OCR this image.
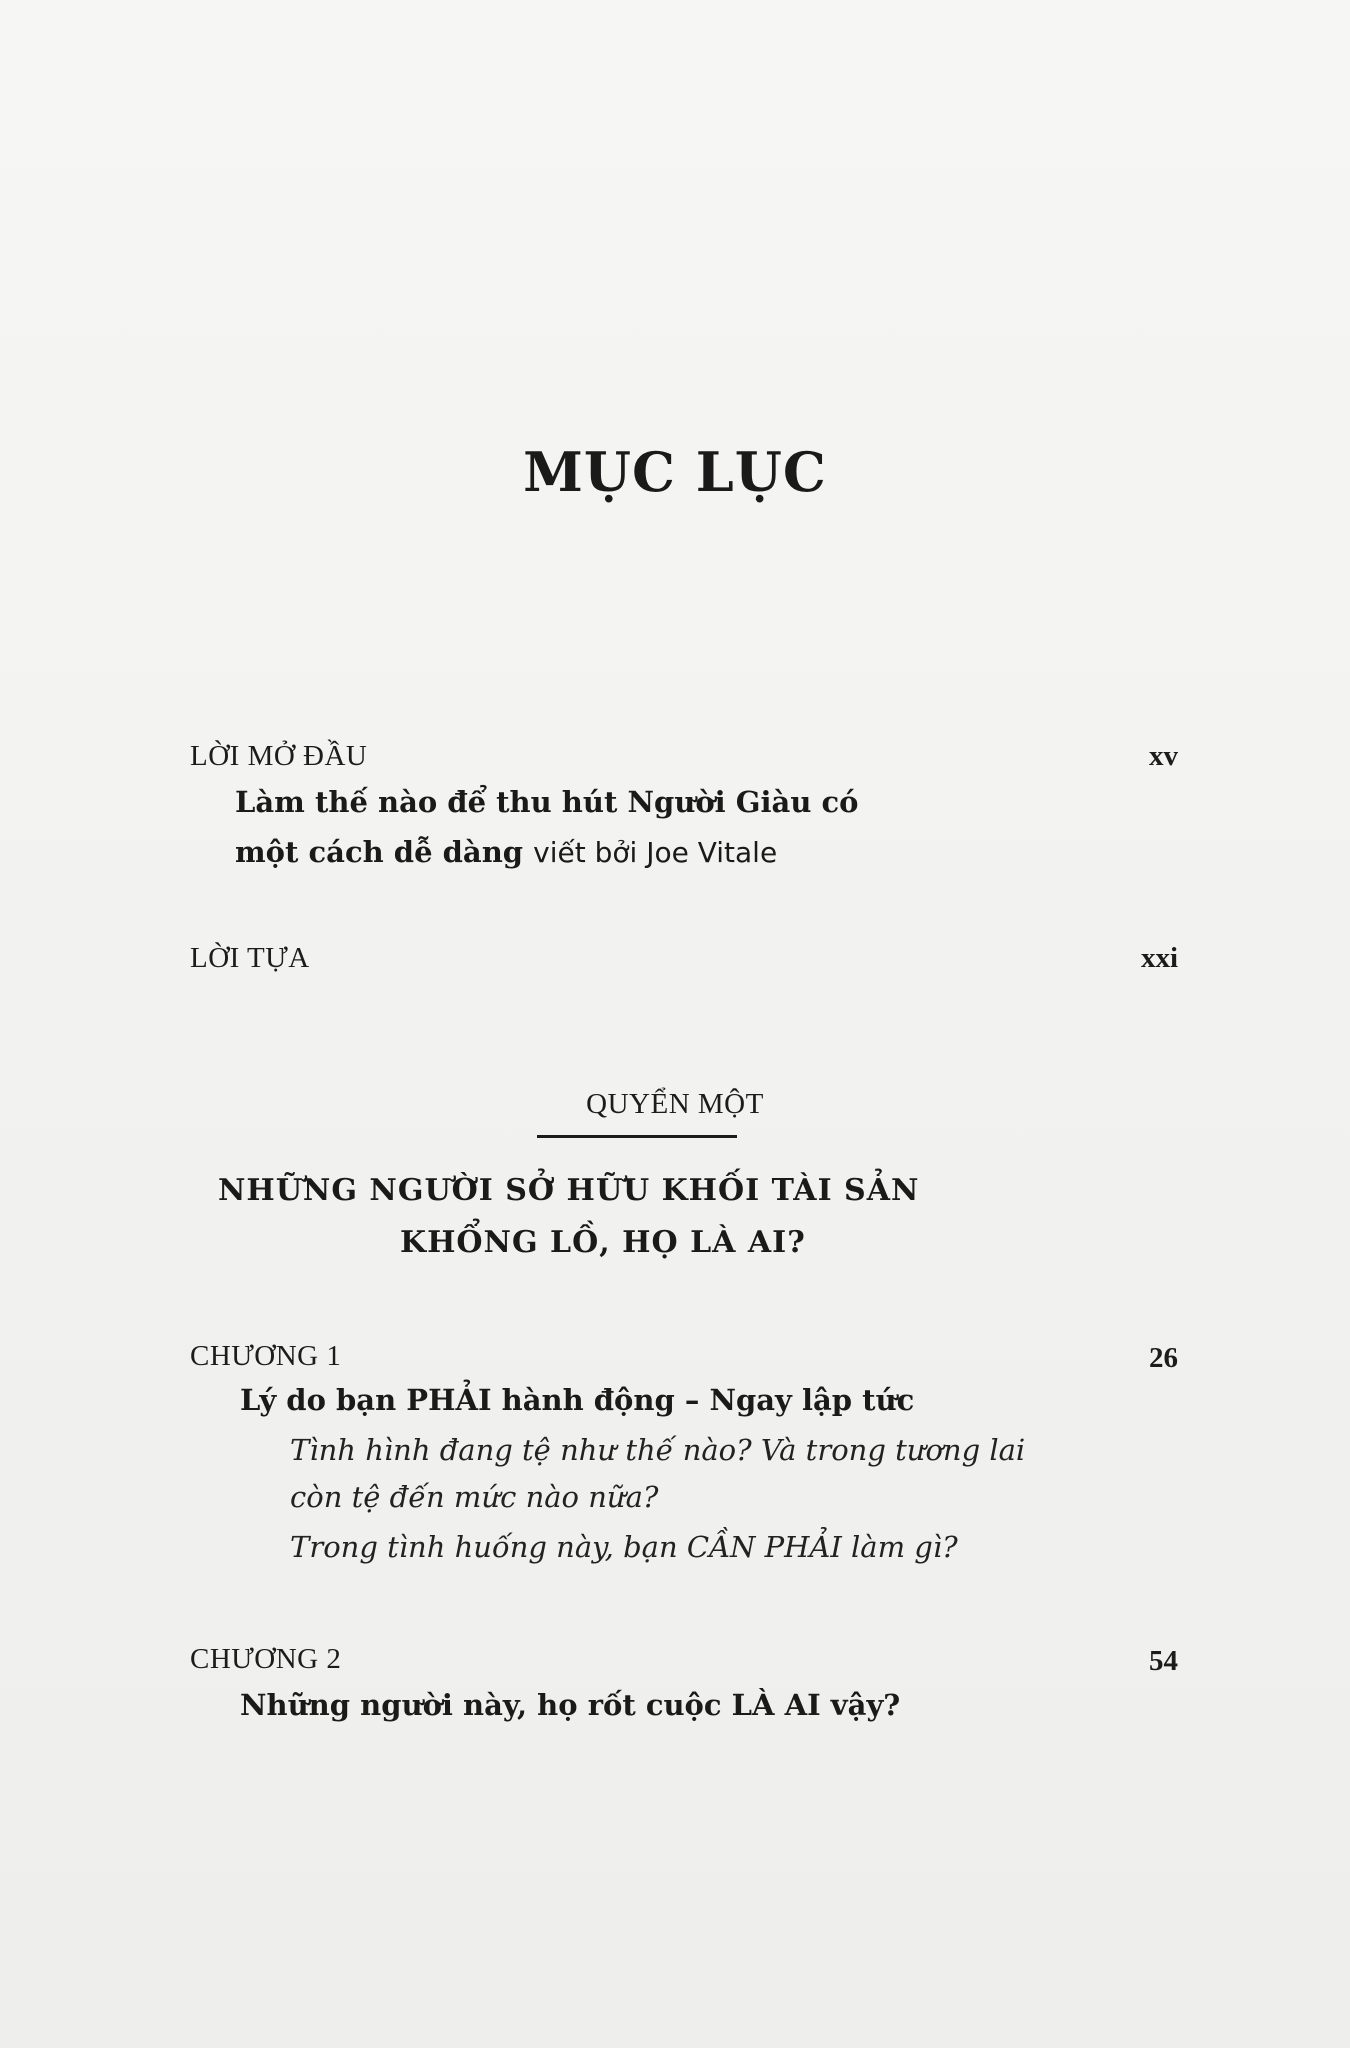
MỤC LỤC
LỜI MỞ ĐẦU	xv
Làm thế nào để thu hút Người Giàu có
một cách dễ dàng viết bởi Joe Vitale
LỜI TỰA	xxi
QUYỂN MỘT
NHỮNG NGƯỜI SỞ HỮU KHỐI TÀI SẢN
KHỔNG LỒ, HỌ LÀ AI?
CHƯƠNG 1	26
Lý do bạn PHẢI hành động – Ngay lập tức
Tình hình đang tệ như thế nào? Và trong tương lai
còn tệ đến mức nào nữa?
Trong tình huống này, bạn CẦN PHẢI làm gì?
CHƯƠNG 2	54
Những người này, họ rốt cuộc LÀ AI vậy?
